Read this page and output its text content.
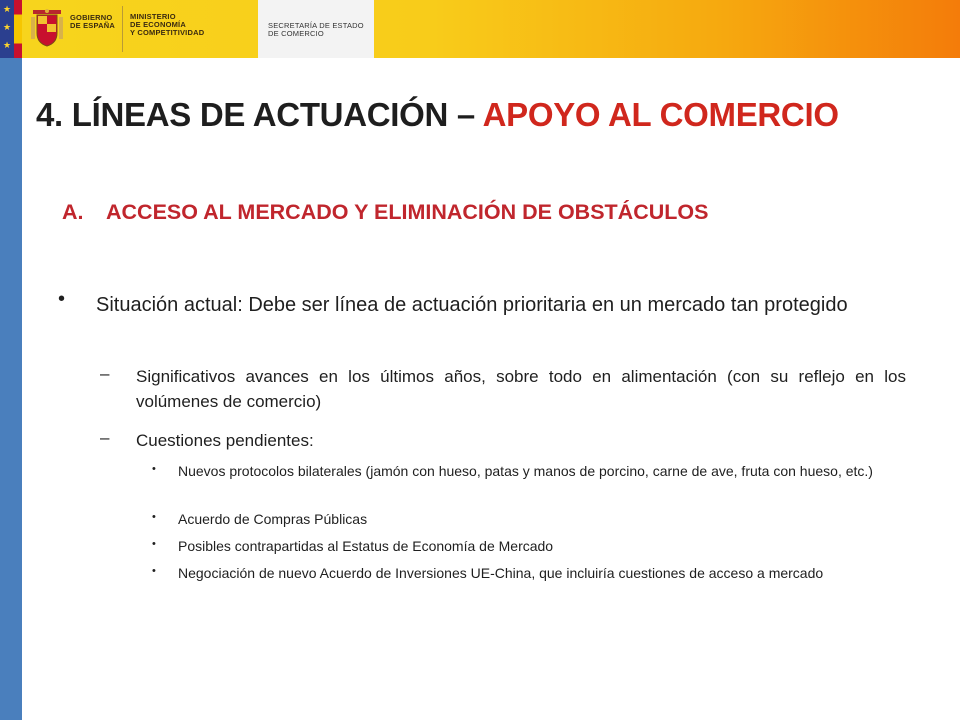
★
★
★
GOBIERNO
DE ESPAÑA
MINISTERIO
DE ECONOMÍA
Y COMPETITIVIDAD
SECRETARÍA DE ESTADO
DE COMERCIO
4. LÍNEAS DE ACTUACIÓN – APOYO AL COMERCIO
A. ACCESO AL MERCADO Y ELIMINACIÓN DE OBSTÁCULOS
• Situación actual: Debe ser línea de actuación prioritaria en un mercado tan protegido
– Significativos avances en los últimos años, sobre todo en alimentación (con su reflejo en los volúmenes de comercio)
– Cuestiones pendientes:
• Nuevos protocolos bilaterales (jamón con hueso, patas y manos de porcino, carne de ave, fruta con hueso, etc.)
• Acuerdo de Compras Públicas
• Posibles contrapartidas al Estatus de Economía de Mercado
• Negociación de nuevo Acuerdo de Inversiones UE-China, que incluiría cuestiones de acceso a mercado
